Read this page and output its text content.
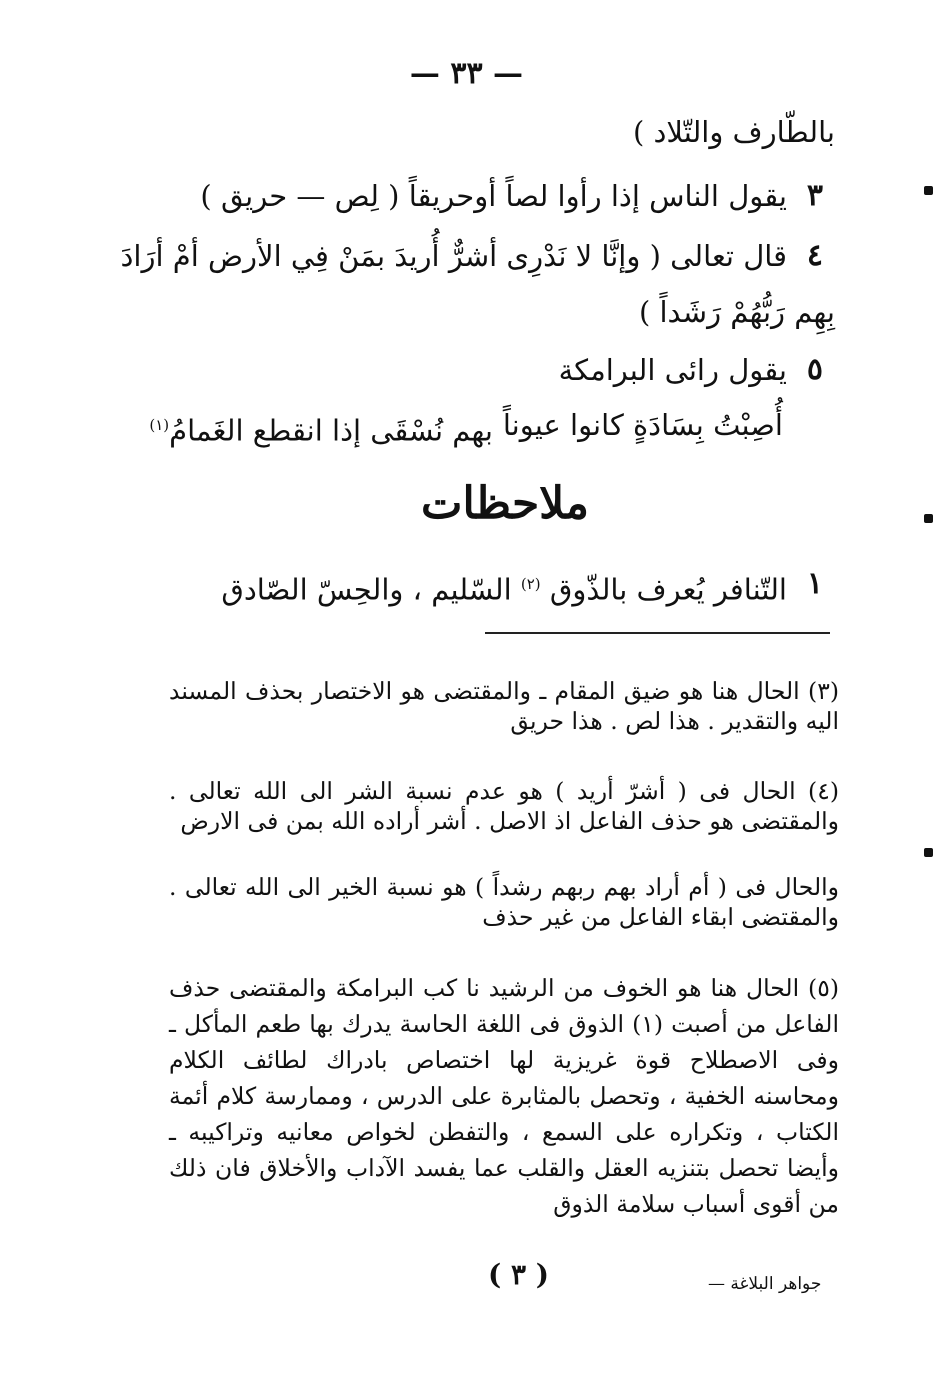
— ٣٣ —
بالطّارف والتّلاد )
٣
يقول الناس إذا رأوا لصاً أوحريقاً ( لِص — حريق )
٤
قال تعالى ( وإنَّا لا نَدْرِى أشرٌّ أُريدَ بمَنْ فِي الأرض أمْ أرَادَ
بِهِم رَبُّهُمْ رَشَداً )
٥
يقول رائى البرامكة
أُصِبْتُ بِسَادَةٍ كانوا عيوناً
بهم نُسْقَى إذا انقطع الغَمامُ$^{(١)}$
ملاحظات
١
التّنافر يُعرف بالذّوق $^{(٢)}$ السّليم ، والحِسّ الصّادق
(٣) الحال هنا هو ضيق المقام ـ والمقتضى هو الاختصار بحذف المسند اليه والتقدير . هذا لص . هذا حريق
(٤) الحال فى ( أشرّ أريد ) هو عدم نسبة الشر الى الله تعالى . والمقتضى هو حذف الفاعل اذ الاصل . أشر أراده الله بمن فى الارض
والحال فى ( أم أراد بهم ربهم رشداً ) هو نسبة الخير الى الله تعالى . والمقتضى ابقاء الفاعل من غير حذف
(٥) الحال هنا هو الخوف من الرشيد نا كب البرامكة والمقتضى حذف الفاعل من أصبت (١) الذوق فى اللغة الحاسة يدرك بها طعم المأكل ـ وفى الاصطلاح قوة غريزية لها اختصاص بادراك لطائف الكلام ومحاسنه الخفية ، وتحصل بالمثابرة على الدرس ، وممارسة كلام أئمة الكتاب ، وتكراره على السمع ، والتفطن لخواص معانيه وتراكيبه ـ وأيضا تحصل بتنزيه العقل والقلب عما يفسد الآداب والأخلاق فان ذلك من أقوى أسباب سلامة الذوق
( ٣ )	جواهر البلاغة —
